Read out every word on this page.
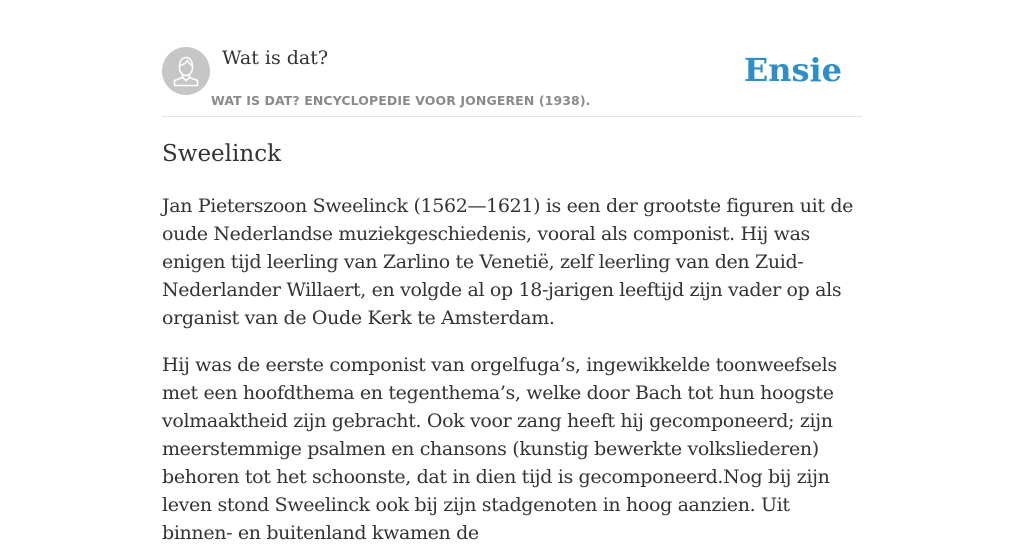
Wat is dat?
WAT IS DAT? ENCYCLOPEDIE VOOR JONGEREN (1938).
Ensie
Sweelinck

Jan Pieterszoon Sweelinck (1562—1621) is een der grootste figuren uit de oude Nederlandse muziekgeschiedenis, vooral als componist. Hij was enigen tijd leerling van Zarlino te Venetië, zelf leerling van den Zuid-Nederlander Willaert, en volgde al op 18-jarigen leeftijd zijn vader op als organist van de Oude Kerk te Amsterdam.

Hij was de eerste componist van orgelfuga’s, ingewikkelde toonweefsels met een hoofdthema en tegenthema’s, welke door Bach tot hun hoogste volmaaktheid zijn gebracht. Ook voor zang heeft hij gecomponeerd; zijn meerstemmige psalmen en chansons (kunstig bewerkte volksliederen) behoren tot het schoonste, dat in dien tijd is gecomponeerd.Nog bij zijn leven stond Sweelinck ook bij zijn stadgenoten in hoog aanzien. Uit binnen- en buitenland kwamen de
